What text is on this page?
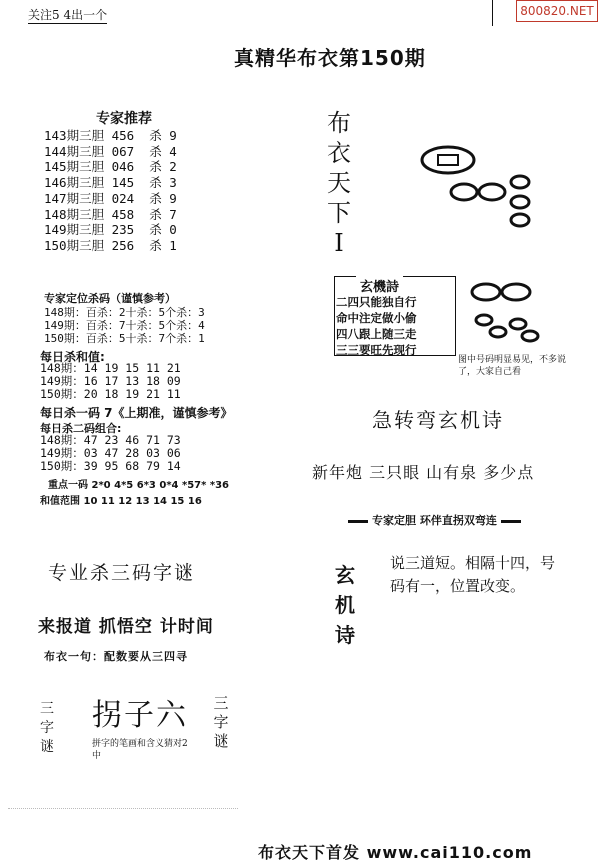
关注5 4出一个	800820.NET
真精华布衣第150期
专家推荐
143期三胆 456  杀 9
144期三胆 067  杀 4
145期三胆 046  杀 2
146期三胆 145  杀 3
147期三胆 024  杀 9
148期三胆 458  杀 7
149期三胆 235  杀 0
150期三胆 256  杀 1
专家定位杀码（谨慎参考）
148期：百杀：2十杀：5个杀：3
149期：百杀：7十杀：5个杀：4
150期：百杀：5十杀：7个杀：1
每日杀和值:
148期：14 19 15 11 21
149期：16 17 13 18 09
150期：20 18 19 21 11
每日杀一码 7《上期准，谨慎参考》
每日杀二码组合:
148期：47 23 46 71 73
149期：03 47 28 03 06
150期：39 95 68 79 14
重点一码 2*0 4*5 6*3 0*4 *57* *36
和值范围 10 11 12 13 14 15 16
专业杀三码字谜
来报道 抓悟空 计时间
布衣一句：配数要从三四寻
三字谜
拐子六 三字谜
拼字的笔画和含义猜对2中
布衣天下I
玄機詩
二四只能独自行
命中注定做小偷
四八跟上随三走
三三要旺先现行
图中号码明显易见，不多说了，大家自己看
急转弯玄机诗
新年炮 三只眼 山有泉 多少点
专家定胆 环伴直拐双弯连
玄机诗
说三道短。相隔十四，号码有一，位置改变。
布衣天下首发 www.cai110.com
